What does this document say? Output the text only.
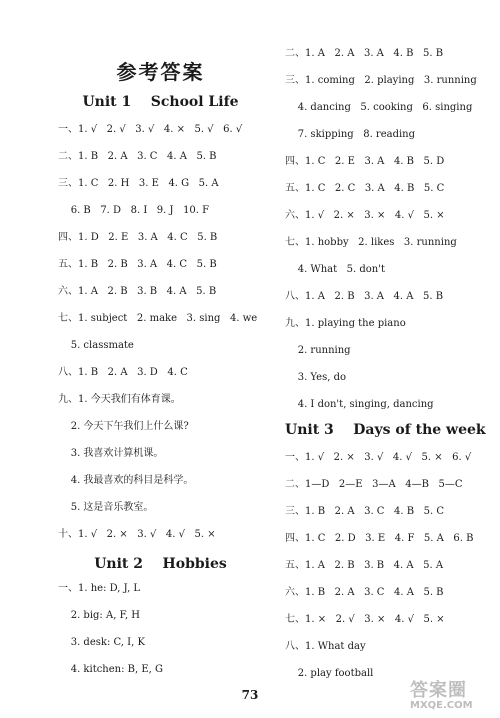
参考答案
Unit 1    School Life
一、1. √   2. √   3. √   4. ×   5. √   6. √
二、1. B   2. A   3. C   4. A   5. B
三、1. C   2. H   3. E   4. G   5. A
6. B   7. D   8. I   9. J   10. F
四、1. D   2. E   3. A   4. C   5. B
五、1. B   2. B   3. A   4. C   5. B
六、1. A   2. B   3. B   4. A   5. B
七、1. subject   2. make   3. sing   4. we
5. classmate
八、1. B   2. A   3. D   4. C
九、1. 今天我们有体育课。
2. 今天下午我们上什么课?
3. 我喜欢计算机课。
4. 我最喜欢的科目是科学。
5. 这是音乐教室。
十、1. √   2. ×   3. √   4. √   5. ×
Unit 2    Hobbies
一、1. he: D, J, L
2. big: A, F, H
3. desk: C, I, K
4. kitchen: B, E, G
二、1. A   2. A   3. A   4. B   5. B
三、1. coming   2. playing   3. running
4. dancing   5. cooking   6. singing
7. skipping   8. reading
四、1. C   2. E   3. A   4. B   5. D
五、1. C   2. C   3. A   4. B   5. C
六、1. √   2. ×   3. ×   4. √   5. ×
七、1. hobby   2. likes   3. running
4. What   5. don't
八、1. A   2. B   3. A   4. A   5. B
九、1. playing the piano
2. running
3. Yes, do
4. I don't, singing, dancing
Unit 3    Days of the week
一、1. √   2. ×   3. √   4. √   5. ×   6. √
二、1—D   2—E   3—A   4—B   5—C
三、1. B   2. A   3. C   4. B   5. C
四、1. C   2. D   3. E   4. F   5. A   6. B
五、1. A   2. B   3. B   4. A   5. A
六、1. B   2. A   3. C   4. A   5. B
七、1. ×   2. √   3. ×   4. √   5. ×
八、1. What day
2. play football
73	答案圈
MXQE.COM
